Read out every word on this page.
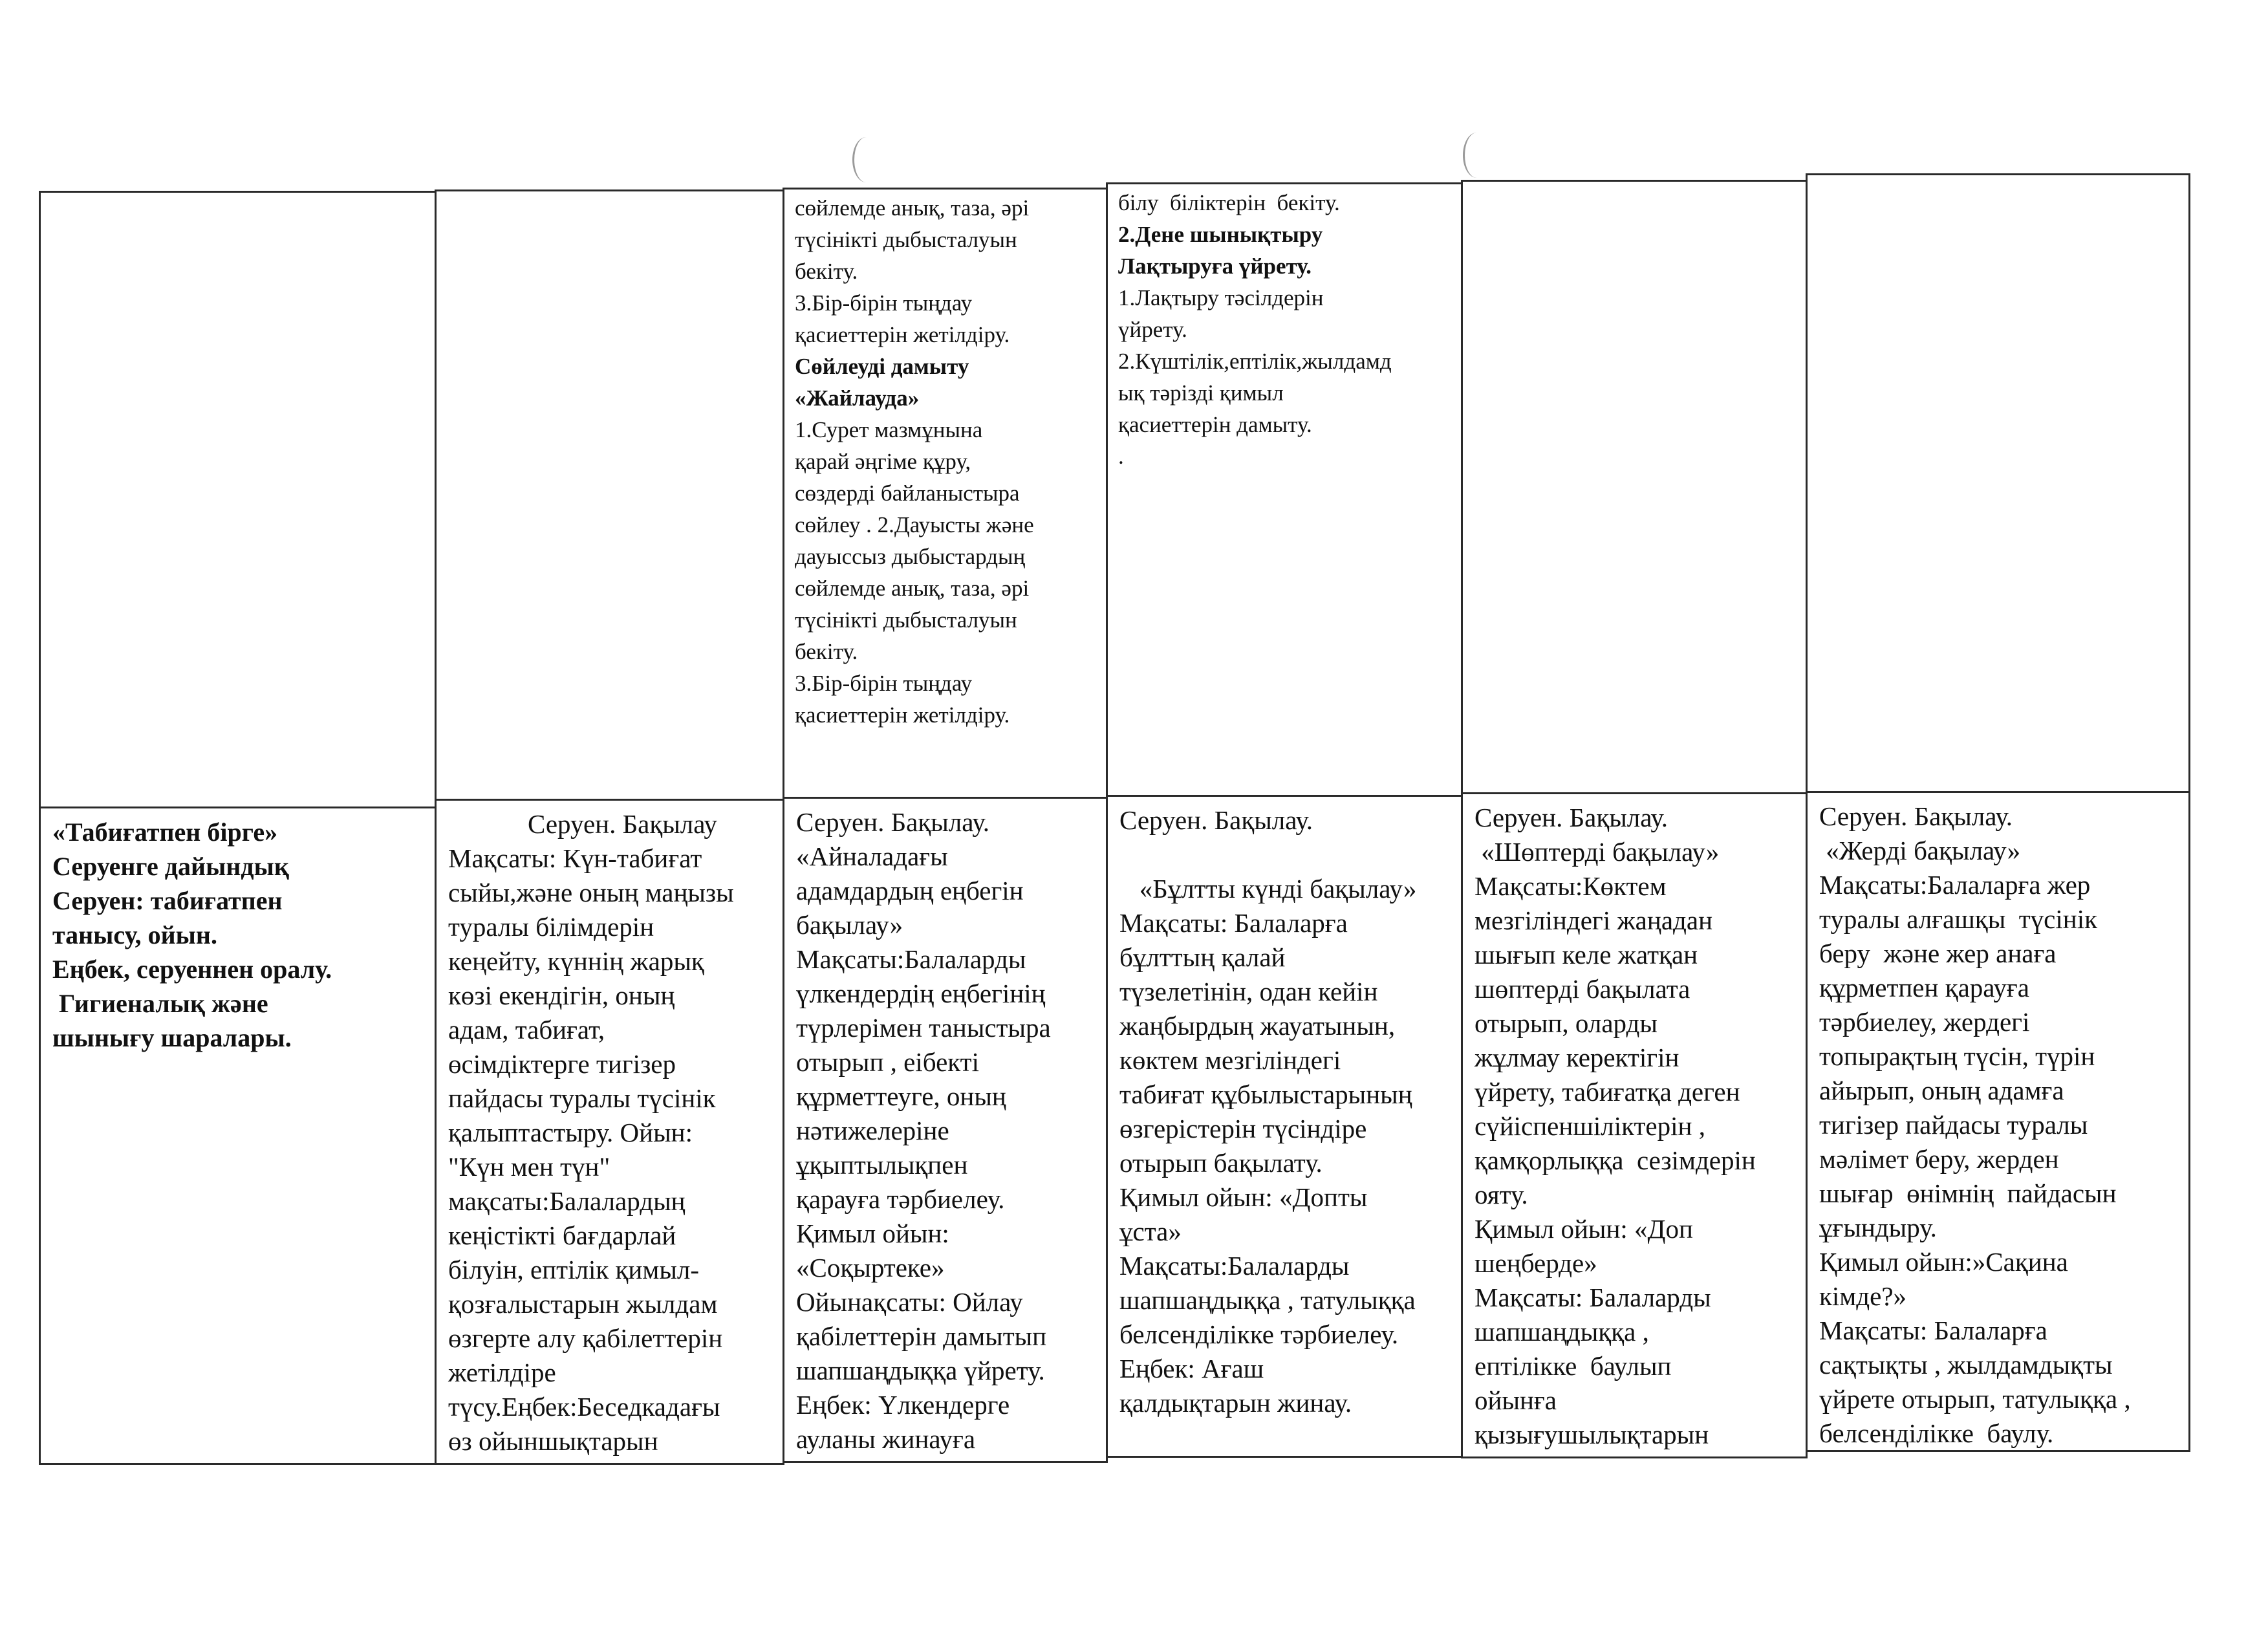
сөйлемде анық, таза, әрі
түсінікті дыбысталуын
бекіту.
3.Бір-бірін тыңдау
қасиеттерін жетілдіру.
Сөйлеуді дамыту
«Жайлауда»
1.Сурет мазмұнына
қарай әңгіме құру,
сөздерді байланыстыра
сөйлеу . 2.Дауысты және
дауыссыз дыбыстардың
сөйлемде анық, таза, әрі
түсінікті дыбысталуын
бекіту.
3.Бір-бірін тыңдау
қасиеттерін жетілдіру.
білу  біліктерін  бекіту.
2.Дене шынықтыру
Лақтыруға үйрету.
1.Лақтыру тәсілдерін
үйрету.
2.Күштілік,ептілік,жылдамд
ық тәрізді қимыл
қасиеттерін дамыту.
.
«Табиғатпен бірге»
Серуенге дайындық
Серуен: табиғатпен
танысу, ойын.
Еңбек, серуеннен оралу.
Гигиеналық және
шынығу шаралары.
Серуен. Бақылау
Мақсаты: Күн-табиғат
сыйы,және оның маңызы
туралы білімдерін
кеңейту, күннің жарық
көзі екендігін, оның
адам, табиғат,
өсімдіктерге тигізер
пайдасы туралы түсінік
қалыптастыру. Ойын:
"Күн мен түн"
мақсаты:Балалардың
кеңістікті бағдарлай
білуін, ептілік қимыл-
қозғалыстарын жылдам
өзгерте алу қабілеттерін
жетілдіре
түсу.Еңбек:Беседкадағы
өз ойыншықтарын
Серуен. Бақылау.
«Айналадағы
адамдардың еңбегін
бақылау»
Мақсаты:Балаларды
үлкендердің еңбегінің
түрлерімен таныстыра
отырып , еібекті
құрметтеуге, оның
нәтижелеріне
ұқыптылықпен
қарауға тәрбиелеу.
Қимыл ойын:
«Соқыртеке»
Ойынақсаты: Ойлау
қабілеттерін дамытып
шапшаңдыққа үйрету.
Еңбек: Үлкендерге
ауланы жинауға
Серуен. Бақылау.

«Бұлтты күнді бақылау»
Мақсаты: Балаларға
бұлттың қалай
түзелетінін, одан кейін
жаңбырдың жауатынын,
көктем мезгіліндегі
табиғат құбылыстарының
өзгерістерін түсіндіре
отырып бақылату.
Қимыл ойын: «Допты
ұста»
Мақсаты:Балаларды
шапшаңдыққа , татулыққа
белсенділікке тәрбиелеу.
Еңбек: Ағаш
қалдықтарын жинау.
Серуен. Бақылау.
«Шөптерді бақылау»
Мақсаты:Көктем
мезгіліндегі жаңадан
шығып келе жатқан
шөптерді бақылата
отырып, оларды
жұлмау керектігін
үйрету, табиғатқа деген
сүйіспеншіліктерін ,
қамқорлыққа  сезімдерін
ояту.
Қимыл ойын: «Доп
шеңберде»
Мақсаты: Балаларды
шапшаңдыққа ,
ептілікке  баулып
ойынға
қызығушылықтарын
Серуен. Бақылау.
«Жерді бақылау»
Мақсаты:Балаларға жер
туралы алғашқы  түсінік
беру  және жер анаға
құрметпен қарауға
тәрбиелеу, жердегі
топырақтың түсін, түрін
айырып, оның адамға
тигізер пайдасы туралы
мәлімет беру, жерден
шығар  өнімнің  пайдасын
ұғындыру.
Қимыл ойын:»Сақина
кімде?»
Мақсаты: Балаларға
сақтықты , жылдамдықты
үйрете отырып, татулыққа ,
белсенділікке  баулу.
